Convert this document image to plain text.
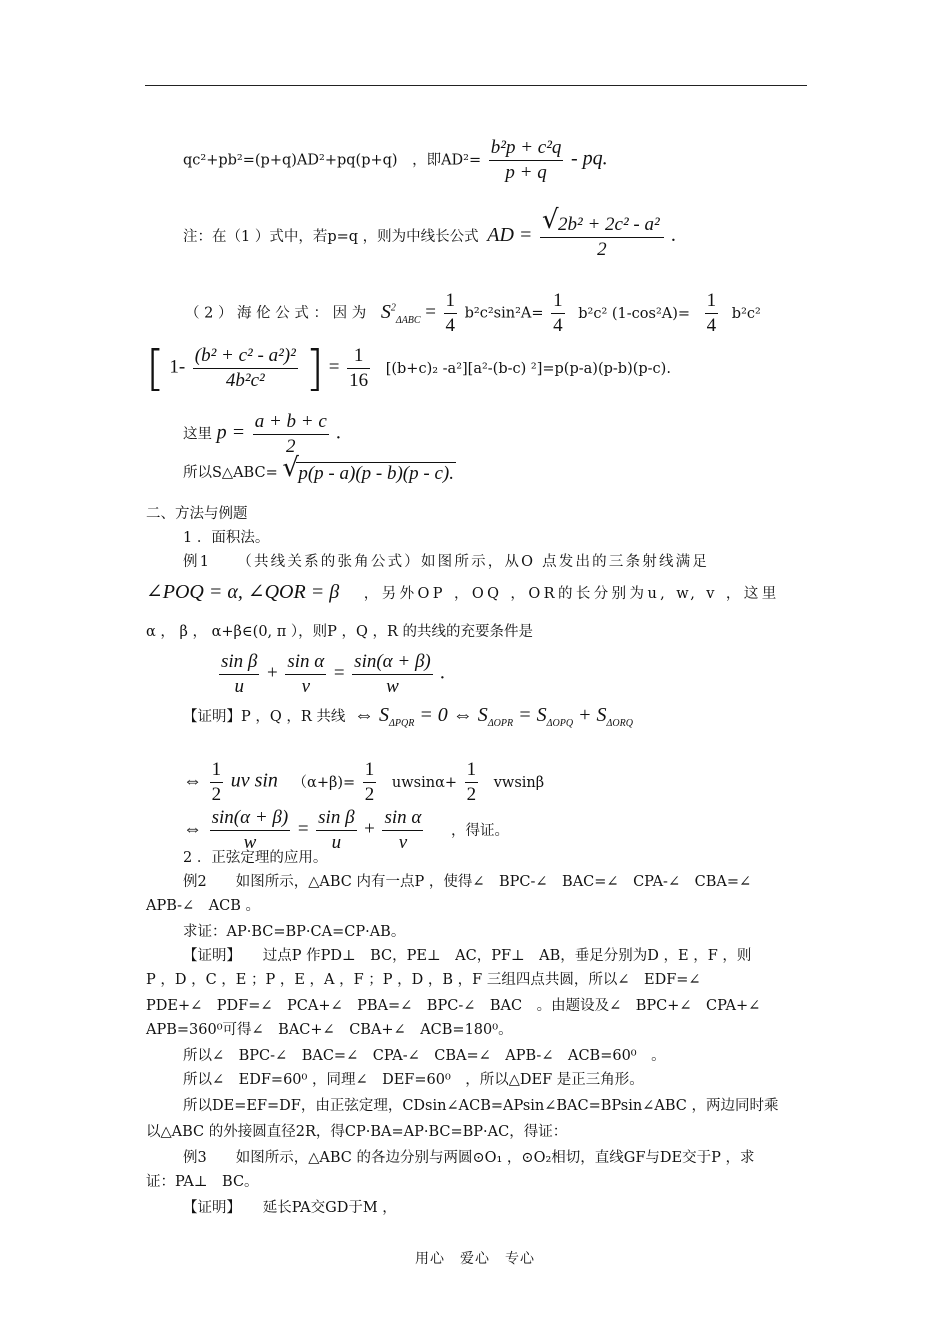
qc²+pb²=(p+q)AD²+pq(p+q)　，即$AD^2= \frac{\text{b²p + c²q}}{p + q}$ - pq.
注：在（1 ）式中，若p=q ，则为中线长公式 AD = $\frac{\text{√ 2b² + 2c² - a²}}{2}$ .
（ 2 ） 海 伦 公 式 ： 因 为 $S^2_{\Delta ABC} = \frac{1}{4} b^2c^2\sin^2A= \frac{1}{4} b^2c^2$ $(1-\cos^2A)= \frac{1}{4} b^2c^2$
[ $1- \frac{\text{(b² + c² - a²)²}}{\text{4b²c²}}$ ] = $\frac{1}{16} [(b+c)_2$ -a²][a²-(b-c) ²]=p(p-a)(p-b)(p-c).
这里 $p = \frac{a + b + c}{2}$ .
所以S△ABC= √ p(p - a)(p - b)(p - c).
二、方法与例题
1 ．面积法。
例1　　（共线关系的张角公式）如图所示，从O 点发出的三条射线满足
∠POQ = α, ∠QOR = β ，另外OP ，OQ ，OR的长分别为u, w, v ，这里
α ， β ， α+β∈(0, π ），则P ，Q ，R 的共线的充要条件是
$\frac{\text{sin β}}{u} + \frac{\text{sin α}}{v} = \frac{\sin(\alpha + \beta)}{w}$ .
【证明】P ，Q ，R 共线 ⇔ $S_{\Delta PQR} = 0$ ⇔ $S_{\Delta OPR} = S_{\Delta OPQ} + S_{\Delta ORQ}$
⇔ $\frac{1}{2}$ uv $\sin (\alpha+\beta)= \frac{1}{2} uwsin\alpha+ \frac{1}{2}$ vwsinβ
⇔ $\frac{\sin(\alpha + \beta)}{w} = \frac{\text{sin β}}{u} + \frac{\text{sin α}}{v}$ ，得证。
2 ．正弦定理的应用。
例2　　如图所示，△ABC 内有一点P ，使得∠　BPC-∠　BAC=∠　CPA-∠　CBA=∠
APB-∠　ACB 。
求证：AP·BC=BP·CA=CP·AB。
【证明】　　过点P 作PD⊥　BC，PE⊥　AC，PF⊥　AB，垂足分别为D ，E ，F ，则
P ，D ，C ，E ；P ，E ，A ，F ；P ，D ，B ，F 三组四点共圆，所以∠　EDF=∠
PDE+∠　PDF=∠　PCA+∠　PBA=∠　BPC-∠　BAC　。由题设及∠　BPC+∠　CPA+∠
APB=360⁰可得∠　BAC+∠　CBA+∠　ACB=180⁰。
所以∠　BPC-∠　BAC=∠　CPA-∠　CBA=∠　APB-∠　ACB=60⁰　。
所以∠　EDF=60⁰ ，同理∠　DEF=60⁰　，所以△DEF 是正三角形。
所以DE=EF=DF，由正弦定理，CDsin∠ACB=APsin∠BAC=BPsin∠ABC ，两边同时乘
以△ABC 的外接圆直径2R，得CP·BA=AP·BC=BP·AC，得证：
例3　　如图所示，△ABC 的各边分别与两圆⊙O₁ ，⊙O₂相切，直线GF与DE交于P ，求
证：PA⊥　BC。
【证明】　　延长PA交GD于M ，
用心　爱心　专心
